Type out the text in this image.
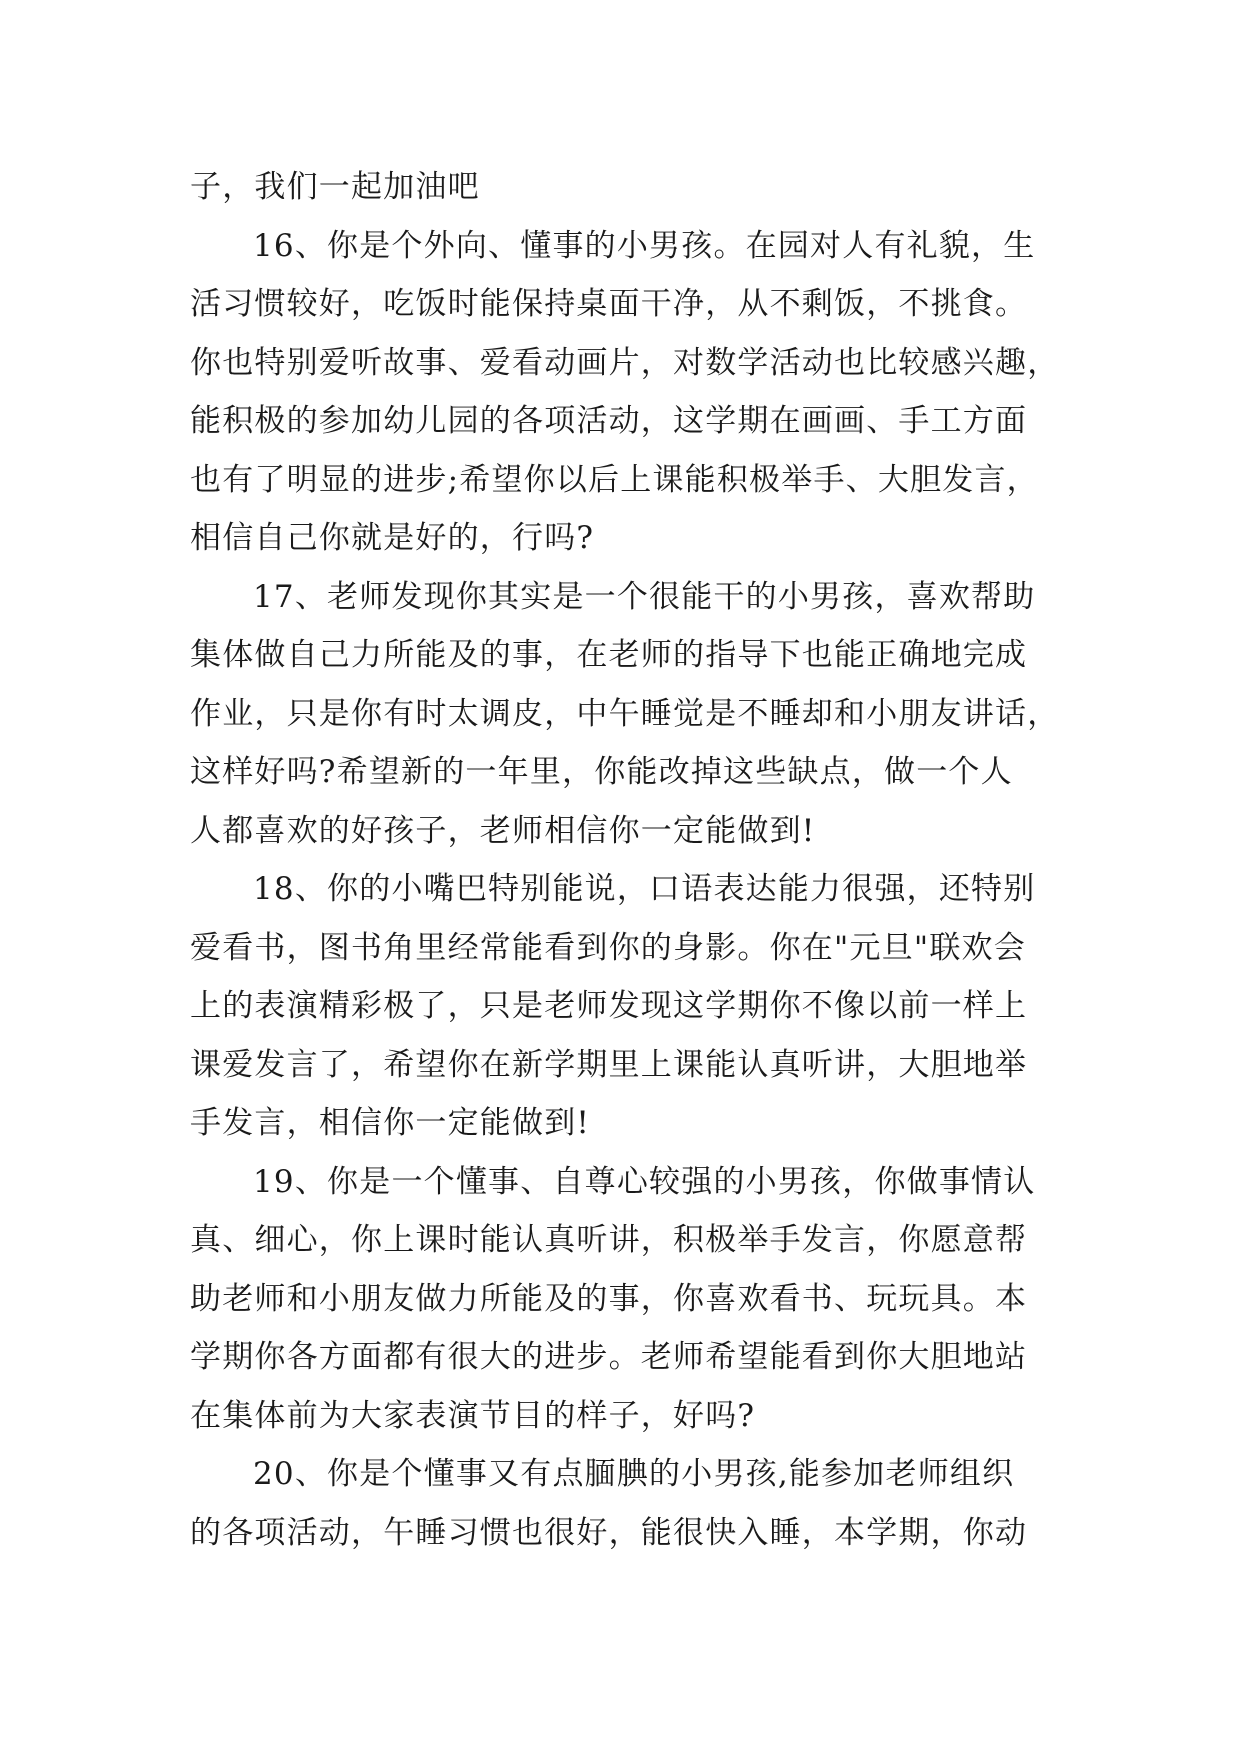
子，我们一起加油吧
16、你是个外向、懂事的小男孩。在园对人有礼貌，生
活习惯较好，吃饭时能保持桌面干净，从不剩饭，不挑食。
你也特别爱听故事、爱看动画片，对数学活动也比较感兴趣，
能积极的参加幼儿园的各项活动，这学期在画画、手工方面
也有了明显的进步;希望你以后上课能积极举手、大胆发言，
相信自己你就是好的，行吗?
17、老师发现你其实是一个很能干的小男孩，喜欢帮助
集体做自己力所能及的事，在老师的指导下也能正确地完成
作业，只是你有时太调皮，中午睡觉是不睡却和小朋友讲话，
这样好吗?希望新的一年里，你能改掉这些缺点，做一个人
人都喜欢的好孩子，老师相信你一定能做到!
18、你的小嘴巴特别能说，口语表达能力很强，还特别
爱看书，图书角里经常能看到你的身影。你在"元旦"联欢会
上的表演精彩极了，只是老师发现这学期你不像以前一样上
课爱发言了，希望你在新学期里上课能认真听讲，大胆地举
手发言，相信你一定能做到!
19、你是一个懂事、自尊心较强的小男孩，你做事情认
真、细心，你上课时能认真听讲，积极举手发言，你愿意帮
助老师和小朋友做力所能及的事，你喜欢看书、玩玩具。本
学期你各方面都有很大的进步。老师希望能看到你大胆地站
在集体前为大家表演节目的样子，好吗?
20、你是个懂事又有点腼腆的小男孩,能参加老师组织
的各项活动，午睡习惯也很好，能很快入睡，本学期，你动
